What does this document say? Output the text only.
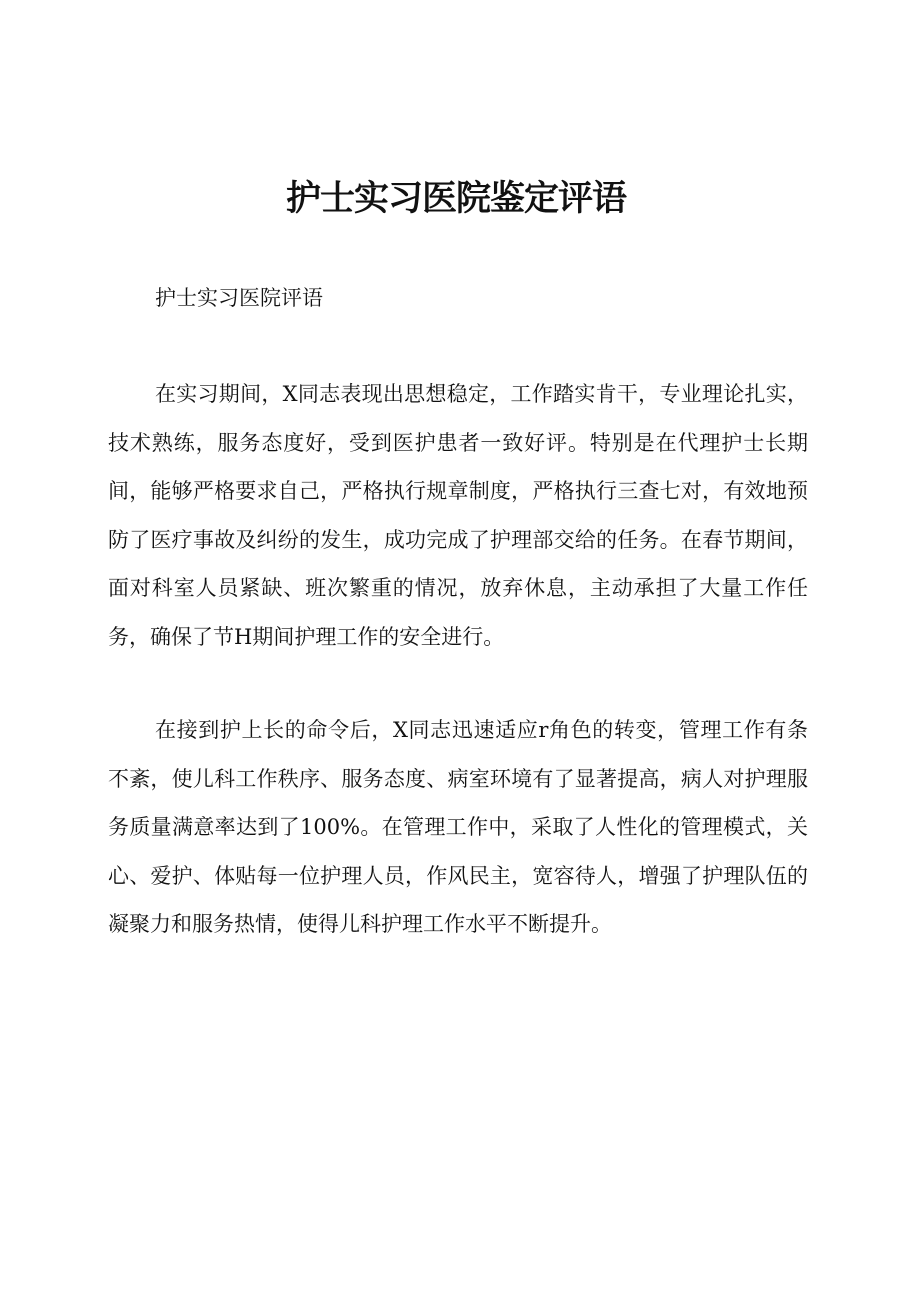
护士实习医院鉴定评语

护士实习医院评语

在实习期间，X同志表现出思想稳定，工作踏实肯干，专业理论扎实，技术熟练，服务态度好，受到医护患者一致好评。特别是在代理护士长期间，能够严格要求自己，严格执行规章制度，严格执行三查七对，有效地预防了医疗事故及纠纷的发生，成功完成了护理部交给的任务。在春节期间，面对科室人员紧缺、班次繁重的情况，放弃休息，主动承担了大量工作任务，确保了节H期间护理工作的安全进行。

在接到护上长的命令后，X同志迅速适应r角色的转变，管理工作有条不紊，使儿科工作秩序、服务态度、病室环境有了显著提高，病人对护理服务质量满意率达到了100%。在管理工作中，采取了人性化的管理模式，关心、爱护、体贴每一位护理人员，作风民主，宽容待人，增强了护理队伍的凝聚力和服务热情，使得儿科护理工作水平不断提升。
